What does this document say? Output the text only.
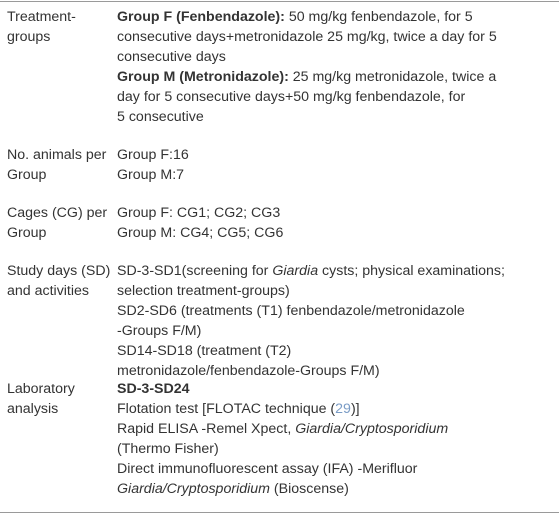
Treatment-
groups
Group F (Fenbendazole): 50 mg/kg fenbendazole, for 5
consecutive days+metronidazole 25 mg/kg, twice a day for 5
consecutive days
Group M (Metronidazole): 25 mg/kg metronidazole, twice a
day for 5 consecutive days+50 mg/kg fenbendazole, for
5 consecutive
No. animals per
Group
Group F:16
Group M:7
Cages (CG) per
Group
Group F: CG1; CG2; CG3
Group M: CG4; CG5; CG6
Study days (SD)
and activities
SD-3-SD1(screening for Giardia cysts; physical examinations;
selection treatment-groups)
SD2-SD6 (treatments (T1) fenbendazole/metronidazole
-Groups F/M)
SD14-SD18 (treatment (T2)
metronidazole/fenbendazole-Groups F/M)
Laboratory
analysis
SD-3-SD24
Flotation test [FLOTAC technique (29)]
Rapid ELISA -Remel Xpect, Giardia/Cryptosporidium
(Thermo Fisher)
Direct immunofluorescent assay (IFA) -Merifluor
Giardia/Cryptosporidium (Bioscense)
